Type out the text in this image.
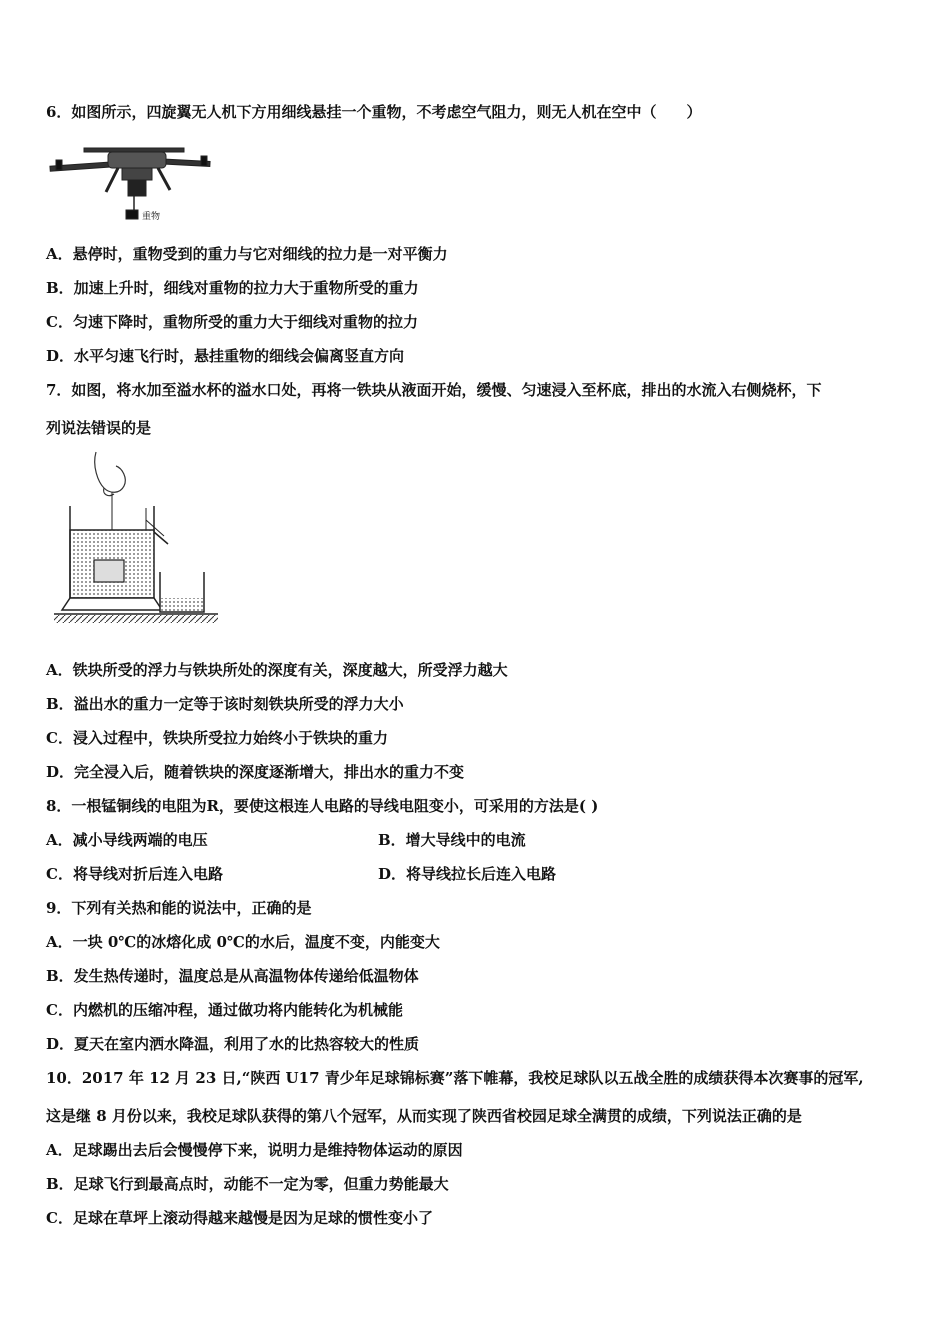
6．如图所示，四旋翼无人机下方用细线悬挂一个重物，不考虑空气阻力，则无人机在空中（　　）
重物
A．悬停时，重物受到的重力与它对细线的拉力是一对平衡力
B．加速上升时，细线对重物的拉力大于重物所受的重力
C．匀速下降时，重物所受的重力大于细线对重物的拉力
D．水平匀速飞行时，悬挂重物的细线会偏离竖直方向
7．如图，将水加至溢水杯的溢水口处，再将一铁块从液面开始，缓慢、匀速浸入至杯底，排出的水流入右侧烧杯，下
列说法错误的是
A．铁块所受的浮力与铁块所处的深度有关，深度越大，所受浮力越大
B．溢出水的重力一定等于该时刻铁块所受的浮力大小
C．浸入过程中，铁块所受拉力始终小于铁块的重力
D．完全浸入后，随着铁块的深度逐渐增大，排出水的重力不变
8．一根锰铜线的电阻为R，要使这根连人电路的导线电阻变小，可采用的方法是( )
A．减小导线两端的电压	B．增大导线中的电流
C．将导线对折后连入电路	D．将导线拉长后连入电路
9．下列有关热和能的说法中，正确的是
A．一块 0℃的冰熔化成 0℃的水后，温度不变，内能变大
B．发生热传递时，温度总是从高温物体传递给低温物体
C．内燃机的压缩冲程，通过做功将内能转化为机械能
D．夏天在室内洒水降温，利用了水的比热容较大的性质
10．2017 年 12 月 23 日,“陕西 U17 青少年足球锦标赛”落下帷幕，我校足球队以五战全胜的成绩获得本次赛事的冠军,
这是继 8 月份以来，我校足球队获得的第八个冠军，从而实现了陕西省校园足球全满贯的成绩，下列说法正确的是
A．足球踢出去后会慢慢停下来，说明力是维持物体运动的原因
B．足球飞行到最高点时，动能不一定为零，但重力势能最大
C．足球在草坪上滚动得越来越慢是因为足球的惯性变小了
